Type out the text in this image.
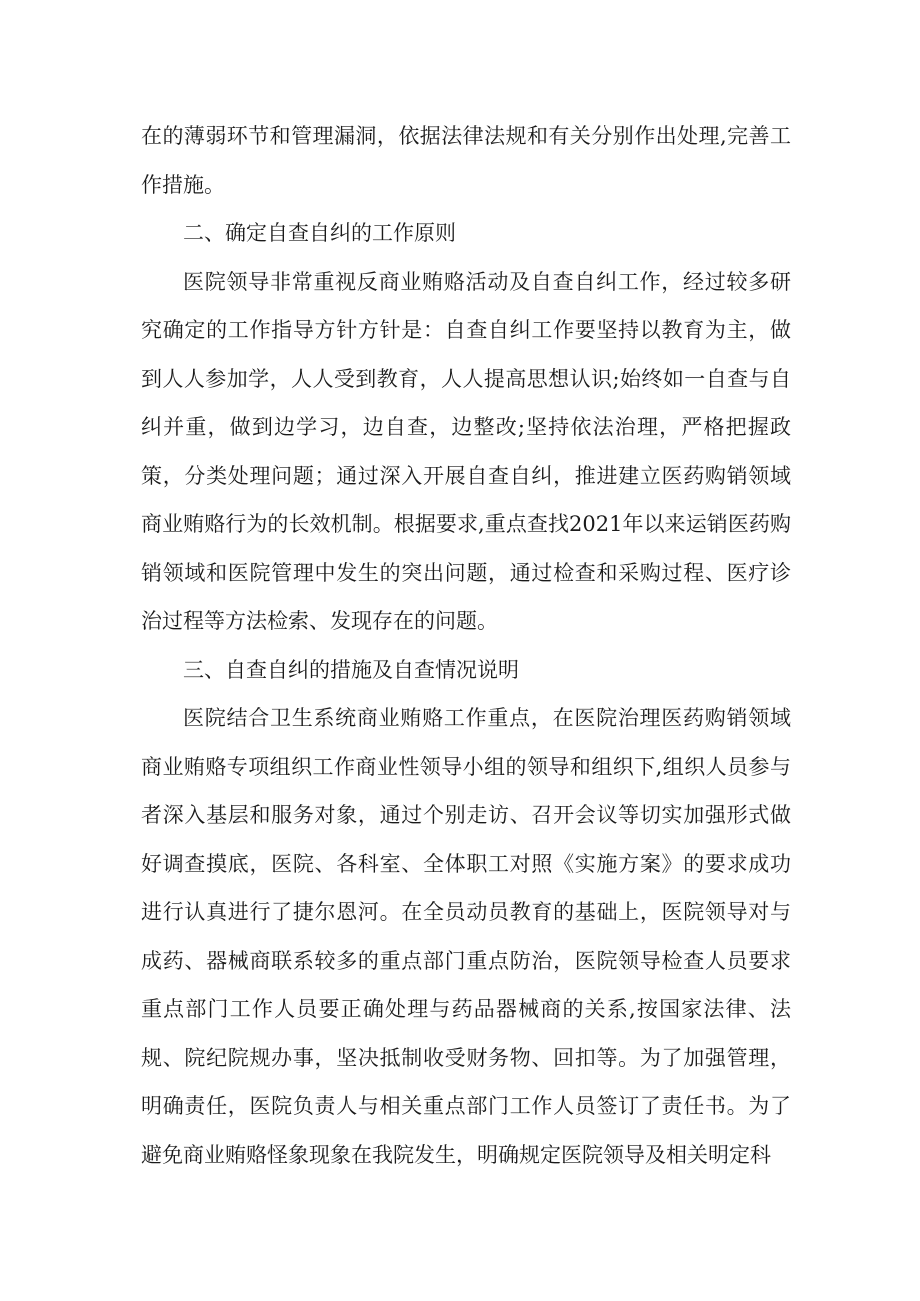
在的薄弱环节和管理漏洞，依据法律法规和有关分别作出处理,完善工作措施。

二、确定自查自纠的工作原则

医院领导非常重视反商业贿赂活动及自查自纠工作，经过较多研究确定的工作指导方针方针是：自查自纠工作要坚持以教育为主，做到人人参加学，人人受到教育，人人提高思想认识;始终如一自查与自纠并重，做到边学习，边自查，边整改;坚持依法治理，严格把握政策，分类处理问题；通过深入开展自查自纠，推进建立医药购销领域商业贿赂行为的长效机制。根据要求,重点查找2021年以来运销医药购销领域和医院管理中发生的突出问题，通过检查和采购过程、医疗诊治过程等方法检索、发现存在的问题。

三、自查自纠的措施及自查情况说明

医院结合卫生系统商业贿赂工作重点，在医院治理医药购销领域商业贿赂专项组织工作商业性领导小组的领导和组织下,组织人员参与者深入基层和服务对象，通过个别走访、召开会议等切实加强形式做好调查摸底，医院、各科室、全体职工对照《实施方案》的要求成功进行认真进行了捷尔恩河。在全员动员教育的基础上，医院领导对与成药、器械商联系较多的重点部门重点防治，医院领导检查人员要求重点部门工作人员要正确处理与药品器械商的关系,按国家法律、法规、院纪院规办事，坚决抵制收受财务物、回扣等。为了加强管理，明确责任，医院负责人与相关重点部门工作人员签订了责任书。为了避免商业贿赂怪象现象在我院发生，明确规定医院领导及相关明定科
